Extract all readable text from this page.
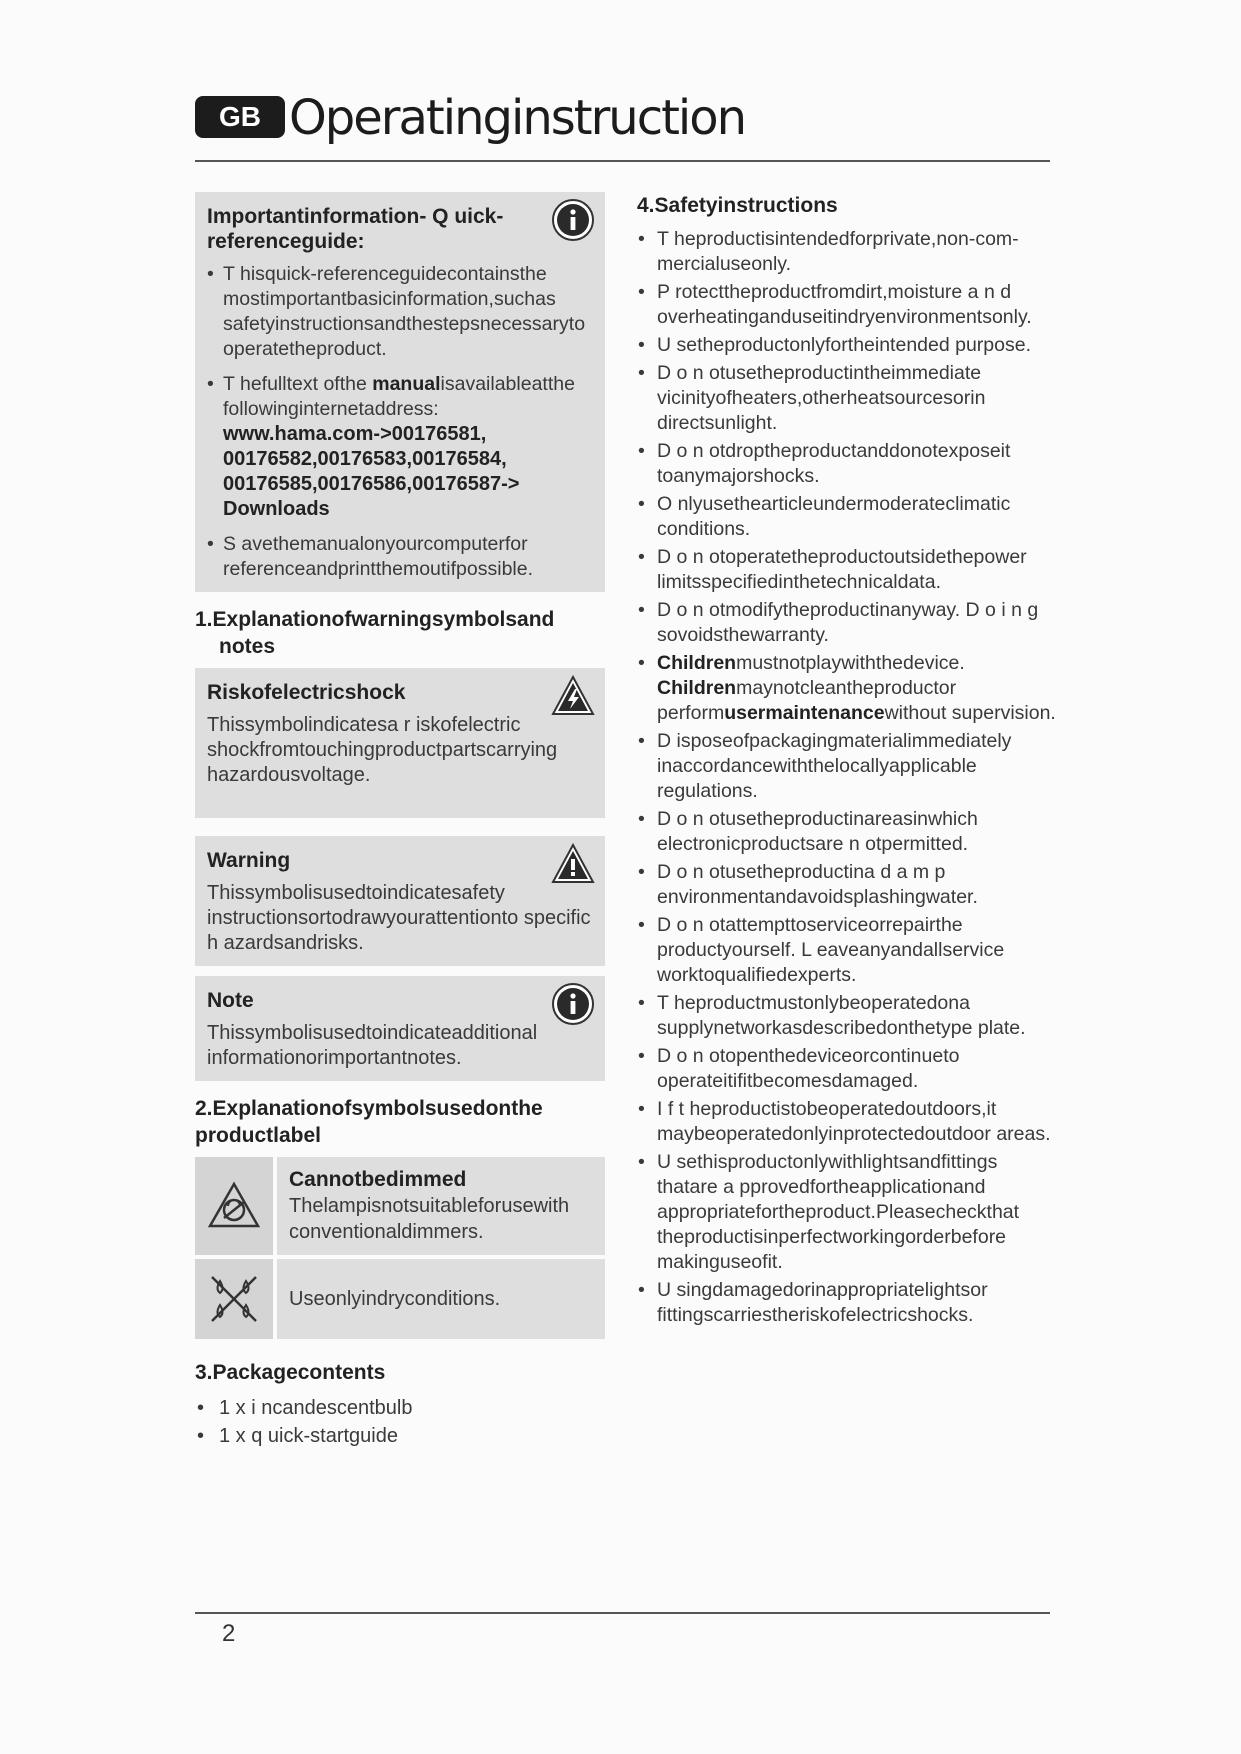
GB Operatinginstruction
Importantinformation- Q uick-referenceguide:
• T hisquick-referenceguidecontainsthe mostimportantbasicinformation,suchas safetyinstructionsandthestepsnecessaryto operatetheproduct.
• T hefulltext ofthe manualisavailableatthe followinginternetaddress:
www.hama.com->00176581,
00176582,00176583,00176584,
00176585,00176586,00176587->
Downloads
• S avethemanualonyourcomputerfor referenceandprintthemoutifpossible.
1.Explanationofwarningsymbolsand
notes
Riskofelectricshock
Thissymbolindicatesa r iskofelectric shockfromtouchingproductpartscarrying hazardousvoltage.
Warning
Thissymbolisusedtoindicatesafety instructionsortodrawyourattentionto specific h azardsandrisks.
Note
Thissymbolisusedtoindicateadditional informationorimportantnotes.
2.Explanationofsymbolsusedonthe productlabel
Cannotbedimmed
Thelampisnotsuitableforusewith conventionaldimmers.
Useonlyindryconditions.
3.Packagecontents
• 1 x i ncandescentbulb
• 1 x q uick-startguide
4.Safetyinstructions
• T heproductisintendedforprivate,non-com-mercialuseonly.
• P rotecttheproductfromdirt,moisture a n d overheatinganduseitindryenvironmentsonly.
• U setheproductonlyfortheintended purpose.
• D o n otusetheproductintheimmediate vicinityofheaters,otherheatsourcesorin directsunlight.
• D o n otdroptheproductanddonotexposeit toanymajorshocks.
• O nlyusethearticleundermoderateclimatic conditions.
• D o n otoperatetheproductoutsidethepower limitsspecifiedinthetechnicaldata.
• D o n otmodifytheproductinanyway. D o i n g sovoidsthewarranty.
• Childrenmustnotplaywiththedevice. Childrenmaynotcleantheproductor performusermaintenancewithout supervision.
• D isposeofpackagingmaterialimmediately inaccordancewiththelocallyapplicable regulations.
• D o n otusetheproductinareasinwhich electronicproductsare n otpermitted.
• D o n otusetheproductina d a m p environmentandavoidsplashingwater.
• D o n otattempttoserviceorrepairthe productyourself. L eaveanyandallservice worktoqualifiedexperts.
• T heproductmustonlybeoperatedona supplynetworkasdescribedonthetype plate.
• D o n otopenthedeviceorcontinueto operateitifitbecomesdamaged.
• I f t heproductistobeoperatedoutdoors,it maybeoperatedonlyinprotectedoutdoor areas.
• U sethisproductonlywithlightsandfittings thatare a pprovedfortheapplicationand appropriatefortheproduct.Pleasecheckthat theproductisinperfectworkingorderbefore makinguseofit.
• U singdamagedorinappropriatelightsor fittingscarriestheriskofelectricshocks.
2
